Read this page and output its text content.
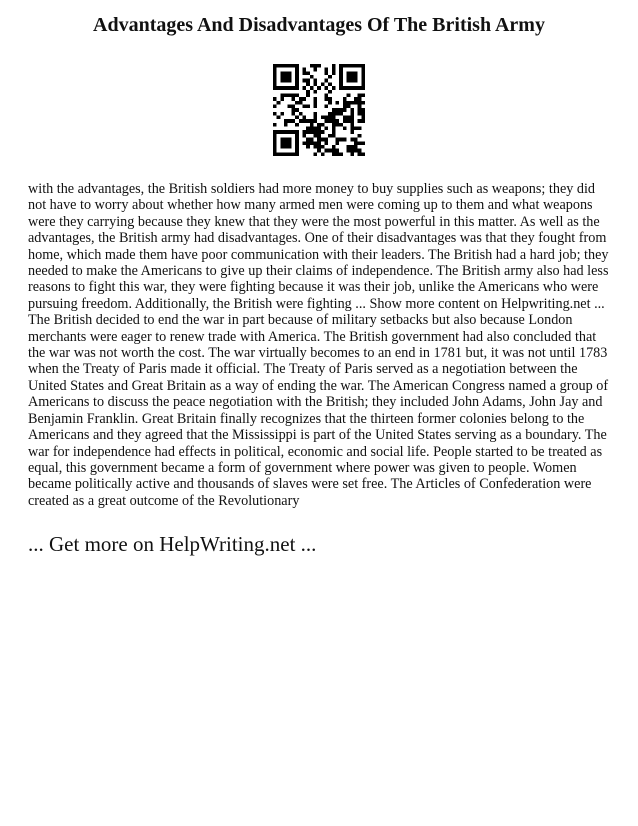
Advantages And Disadvantages Of The British Army

with the advantages, the British soldiers had more money to buy supplies such as weapons; they did not have to worry about whether how many armed men were coming up to them and what weapons were they carrying because they knew that they were the most powerful in this matter. As well as the advantages, the British army had disadvantages. One of their disadvantages was that they fought from home, which made them have poor communication with their leaders. The British had a hard job; they needed to make the Americans to give up their claims of independence. The British army also had less reasons to fight this war, they were fighting because it was their job, unlike the Americans who were pursuing freedom. Additionally, the British were fighting ... Show more content on Helpwriting.net ... The British decided to end the war in part because of military setbacks but also because London merchants were eager to renew trade with America. The British government had also concluded that the war was not worth the cost. The war virtually becomes to an end in 1781 but, it was not until 1783 when the Treaty of Paris made it official. The Treaty of Paris served as a negotiation between the United States and Great Britain as a way of ending the war. The American Congress named a group of Americans to discuss the peace negotiation with the British; they included John Adams, John Jay and Benjamin Franklin. Great Britain finally recognizes that the thirteen former colonies belong to the Americans and they agreed that the Mississippi is part of the United States serving as a boundary. The war for independence had effects in political, economic and social life. People started to be treated as equal, this government became a form of government where power was given to people. Women became politically active and thousands of slaves were set free. The Articles of Confederation were created as a great outcome of the Revolutionary

... Get more on HelpWriting.net ...
